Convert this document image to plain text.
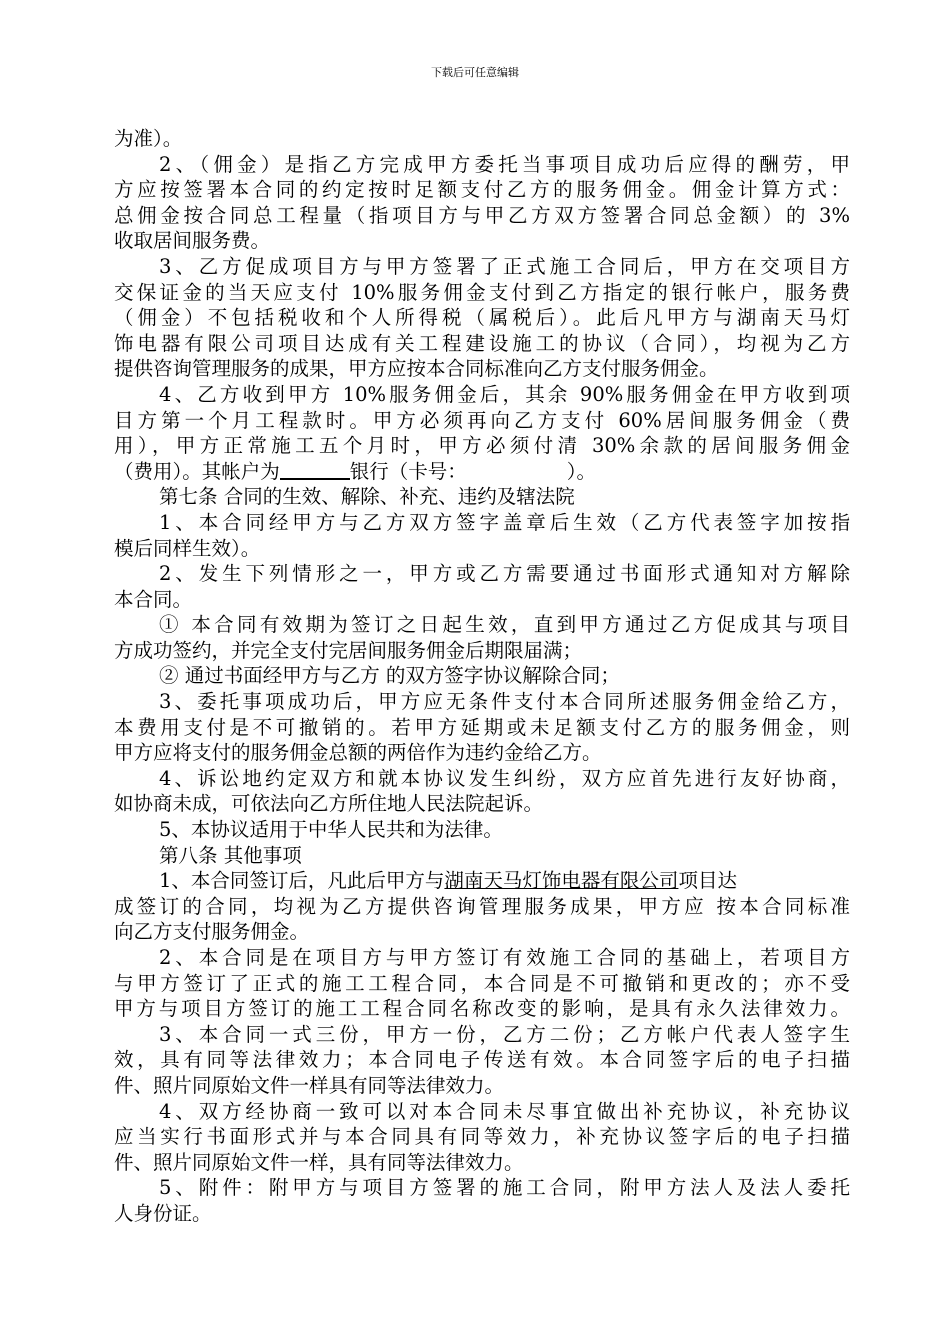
下载后可任意编辑
为准）。
2、（佣金）是指乙方完成甲方委托当事项目成功后应得的酬劳，甲
方应按签署本合同的约定按时足额支付乙方的服务佣金。佣金计算方式：
总佣金按合同总工程量（指项目方与甲乙方双方签署合同总金额）的 3%
收取居间服务费。
3、乙方促成项目方与甲方签署了正式施工合同后，甲方在交项目方
交保证金的当天应支付 10%服务佣金支付到乙方指定的银行帐户，服务费
（佣金）不包括税收和个人所得税（属税后）。此后凡甲方与湖南天马灯
饰电器有限公司项目达成有关工程建设施工的协议（合同），均视为乙方
提供咨询管理服务的成果，甲方应按本合同标准向乙方支付服务佣金。
4、乙方收到甲方 10%服务佣金后，其余 90%服务佣金在甲方收到项
目方第一个月工程款时。甲方必须再向乙方支付 60%居间服务佣金（费
用），甲方正常施工五个月时，甲方必须付清 30%余款的居间服务佣金
（费用）。其帐户为	银行（卡号：	）。
第七条 合同的生效、解除、补充、违约及辖法院
1、本合同经甲方与乙方双方签字盖章后生效（乙方代表签字加按指
模后同样生效）。
2、发生下列情形之一，甲方或乙方需要通过书面形式通知对方解除
本合同。
① 本合同有效期为签订之日起生效，直到甲方通过乙方促成其与项目
方成功签约，并完全支付完居间服务佣金后期限届满；
② 通过书面经甲方与乙方 的双方签字协议解除合同；
3、委托事项成功后，甲方应无条件支付本合同所述服务佣金给乙方，
本费用支付是不可撤销的。若甲方延期或未足额支付乙方的服务佣金，则
甲方应将支付的服务佣金总额的两倍作为违约金给乙方。
4、诉讼地约定双方和就本协议发生纠纷，双方应首先进行友好协商，
如协商未成，可依法向乙方所住地人民法院起诉。
5、本协议适用于中华人民共和为法律。
第八条 其他事项
1、本合同签订后，凡此后甲方与湖南天马灯饰电器有限公司项目达
成签订的合同，均视为乙方提供咨询管理服务成果，甲方应 按本合同标准
向乙方支付服务佣金。
2、本合同是在项目方与甲方签订有效施工合同的基础上，若项目方
与甲方签订了正式的施工工程合同，本合同是不可撤销和更改的；亦不受
甲方与项目方签订的施工工程合同名称改变的影响，是具有永久法律效力。
3、本合同一式三份，甲方一份，乙方二份；乙方帐户代表人签字生
效，具有同等法律效力；本合同电子传送有效。本合同签字后的电子扫描
件、照片同原始文件一样具有同等法律效力。
4、双方经协商一致可以对本合同未尽事宜做出补充协议，补充协议
应当实行书面形式并与本合同具有同等效力，补充协议签字后的电子扫描
件、照片同原始文件一样，具有同等法律效力。
5、附件：附甲方与项目方签署的施工合同，附甲方法人及法人委托
人身份证。
